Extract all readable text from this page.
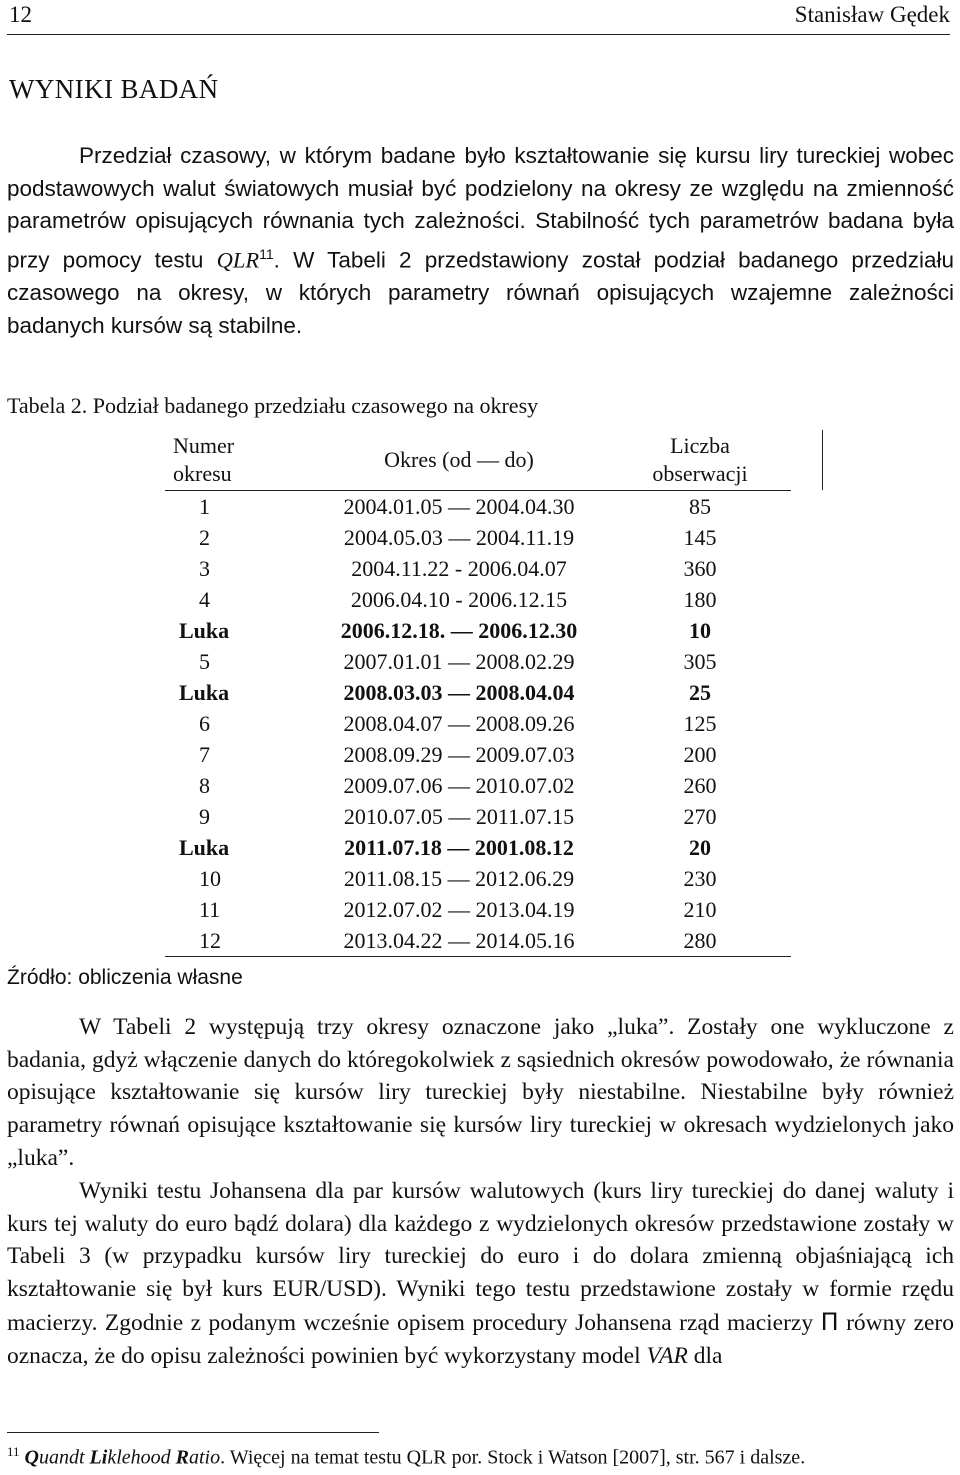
12	Stanisław Gędek
WYNIKI BADAŃ

Przedział czasowy, w którym badane było kształtowanie się kursu liry tureckiej wobec podstawowych walut światowych musiał być podzielony na okresy ze względu na zmienność parametrów opisujących równania tych zależności. Stabilność tych parametrów badana była przy pomocy testu QLR$^{11}$. W Tabeli 2 przedstawiony został podział badanego przedziału czasowego na okresy, w których parametry równań opisujących wzajemne zależności badanych kursów są stabilne.

Tabela 2. Podział badanego przedziału czasowego na okresy
Numer okresu	Okres (od — do)	Liczba obserwacji
1	2004.01.05 — 2004.04.30	85
2	2004.05.03 — 2004.11.19	145
3	2004.11.22 - 2006.04.07	360
4	2006.04.10 - 2006.12.15	180
Luka	2006.12.18. — 2006.12.30	10
5	2007.01.01 — 2008.02.29	305
Luka	2008.03.03 — 2008.04.04	25
6	2008.04.07 — 2008.09.26	125
7	2008.09.29 — 2009.07.03	200
8	2009.07.06 — 2010.07.02	260
9	2010.07.05 — 2011.07.15	270
Luka	2011.07.18 — 2001.08.12	20
10	2011.08.15 — 2012.06.29	230
11	2012.07.02 — 2013.04.19	210
12	2013.04.22 — 2014.05.16	280
Źródło: obliczenia własne

W Tabeli 2 występują trzy okresy oznaczone jako „luka”. Zostały one wykluczone z badania, gdyż włączenie danych do któregokolwiek z sąsiednich okresów powodowało, że równania opisujące kształtowanie się kursów liry tureckiej były niestabilne. Niestabilne były również parametry równań opisujące kształtowanie się kursów liry tureckiej w okresach wydzielonych jako „luka”.

Wyniki testu Johansena dla par kursów walutowych (kurs liry tureckiej do danej waluty i kurs tej waluty do euro bądź dolara) dla każdego z wydzielonych okresów przedstawione zostały w Tabeli 3 (w przypadku kursów liry tureckiej do euro i do dolara zmienną objaśniającą ich kształtowanie się był kurs EUR/USD). Wyniki tego testu przedstawione zostały w formie rzędu macierzy. Zgodnie z podanym wcześnie opisem procedury Johansena rząd macierzy Π równy zero oznacza, że do opisu zależności powinien być wykorzystany model VAR dla

$^{11}$ Quandt Liklehood Ratio. Więcej na temat testu QLR por. Stock i Watson [2007], str. 567 i dalsze.
